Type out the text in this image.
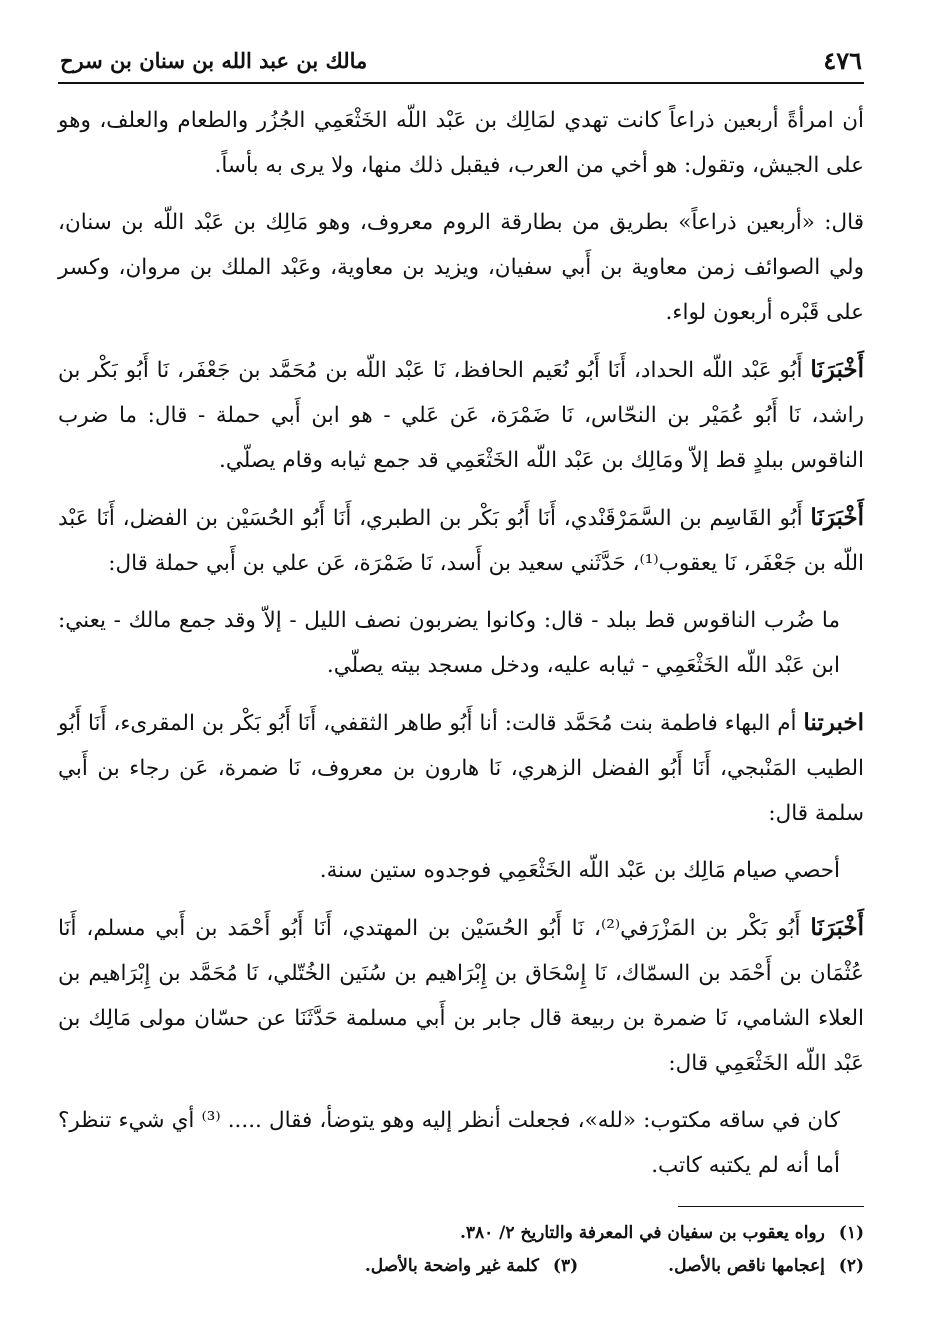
٤٧٦
مالك بن عبد الله بن سنان بن سرح

أن امرأةً أربعين ذراعاً كانت تهدي لمَالِك بن عَبْد اللّه الخَثْعَمِي الجُزُر والطعام والعلف، وهو على الجيش، وتقول: هو أخي من العرب، فيقبل ذلك منها، ولا يرى به بأساً.

قال: «أربعين ذراعاً» بطريق من بطارقة الروم معروف، وهو مَالِك بن عَبْد اللّه بن سنان، ولي الصوائف زمن معاوية بن أَبي سفيان، ويزيد بن معاوية، وعَبْد الملك بن مروان، وكسر على قَبْره أربعون لواء.

أَخْبَرَنَا أَبُو عَبْد اللّه الحداد، أَنَا أَبُو نُعَيم الحافظ، نَا عَبْد اللّه بن مُحَمَّد بن جَعْفَر، نَا أَبُو بَكْر بن راشد، نَا أَبُو عُمَيْر بن النحّاس، نَا ضَمْرَة، عَن عَلي - هو ابن أَبي حملة - قال: ما ضرب الناقوس ببلدٍ قط إلاّ ومَالِك بن عَبْد اللّه الخَثْعَمِي قد جمع ثيابه وقام يصلّي.

أَخْبَرَنَا أَبُو القَاسِم بن السَّمَرْقَنْدي، أَنَا أَبُو بَكْر بن الطبري، أَنَا أَبُو الحُسَيْن بن الفضل، أَنَا عَبْد اللّه بن جَعْفَر، نَا يعقوب⁽¹⁾، حَدَّثَني سعيد بن أَسد، نَا ضَمْرَة، عَن علي بن أَبي حملة قال:

ما ضُرب الناقوس قط ببلد - قال: وكانوا يضربون نصف الليل - إلاّ وقد جمع مالك - يعني: ابن عَبْد اللّه الخَثْعَمِي - ثيابه عليه، ودخل مسجد بيته يصلّي.

اخبرتنا أم البهاء فاطمة بنت مُحَمَّد قالت: أنا أَبُو طاهر الثقفي، أَنَا أَبُو بَكْر بن المقرىء، أَنَا أَبُو الطيب المَنْبجي، أَنَا أَبُو الفضل الزهري، نَا هارون بن معروف، نَا ضمرة، عَن رجاء بن أَبي سلمة قال:

أحصي صيام مَالِك بن عَبْد اللّه الخَثْعَمِي فوجدوه ستين سنة.

أَخْبَرَنَا أَبُو بَكْر بن المَزْرَفي⁽²⁾، نَا أَبُو الحُسَيْن بن المهتدي، أَنَا أَبُو أَحْمَد بن أَبي مسلم، أَنَا عُثْمَان بن أَحْمَد بن السمّاك، نَا إِسْحَاق بن إِبْرَاهيم بن سُنَين الخُتّلي، نَا مُحَمَّد بن إِبْرَاهيم بن العلاء الشامي، نَا ضمرة بن ربيعة قال جابر بن أَبي مسلمة حَدَّثَنَا عن حسّان مولى مَالِك بن عَبْد اللّه الخَثْعَمِي قال:

كان في ساقه مكتوب: «لله»، فجعلت أنظر إليه وهو يتوضأ، فقال ..... ⁽³⁾ أي شيء تنظر؟ أما أنه لم يكتبه كاتب.

(١) رواه يعقوب بن سفيان في المعرفة والتاريخ ٢/ ٣٨٠.
(٢) إعجامها ناقص بالأصل.
(٣) كلمة غير واضحة بالأصل.
